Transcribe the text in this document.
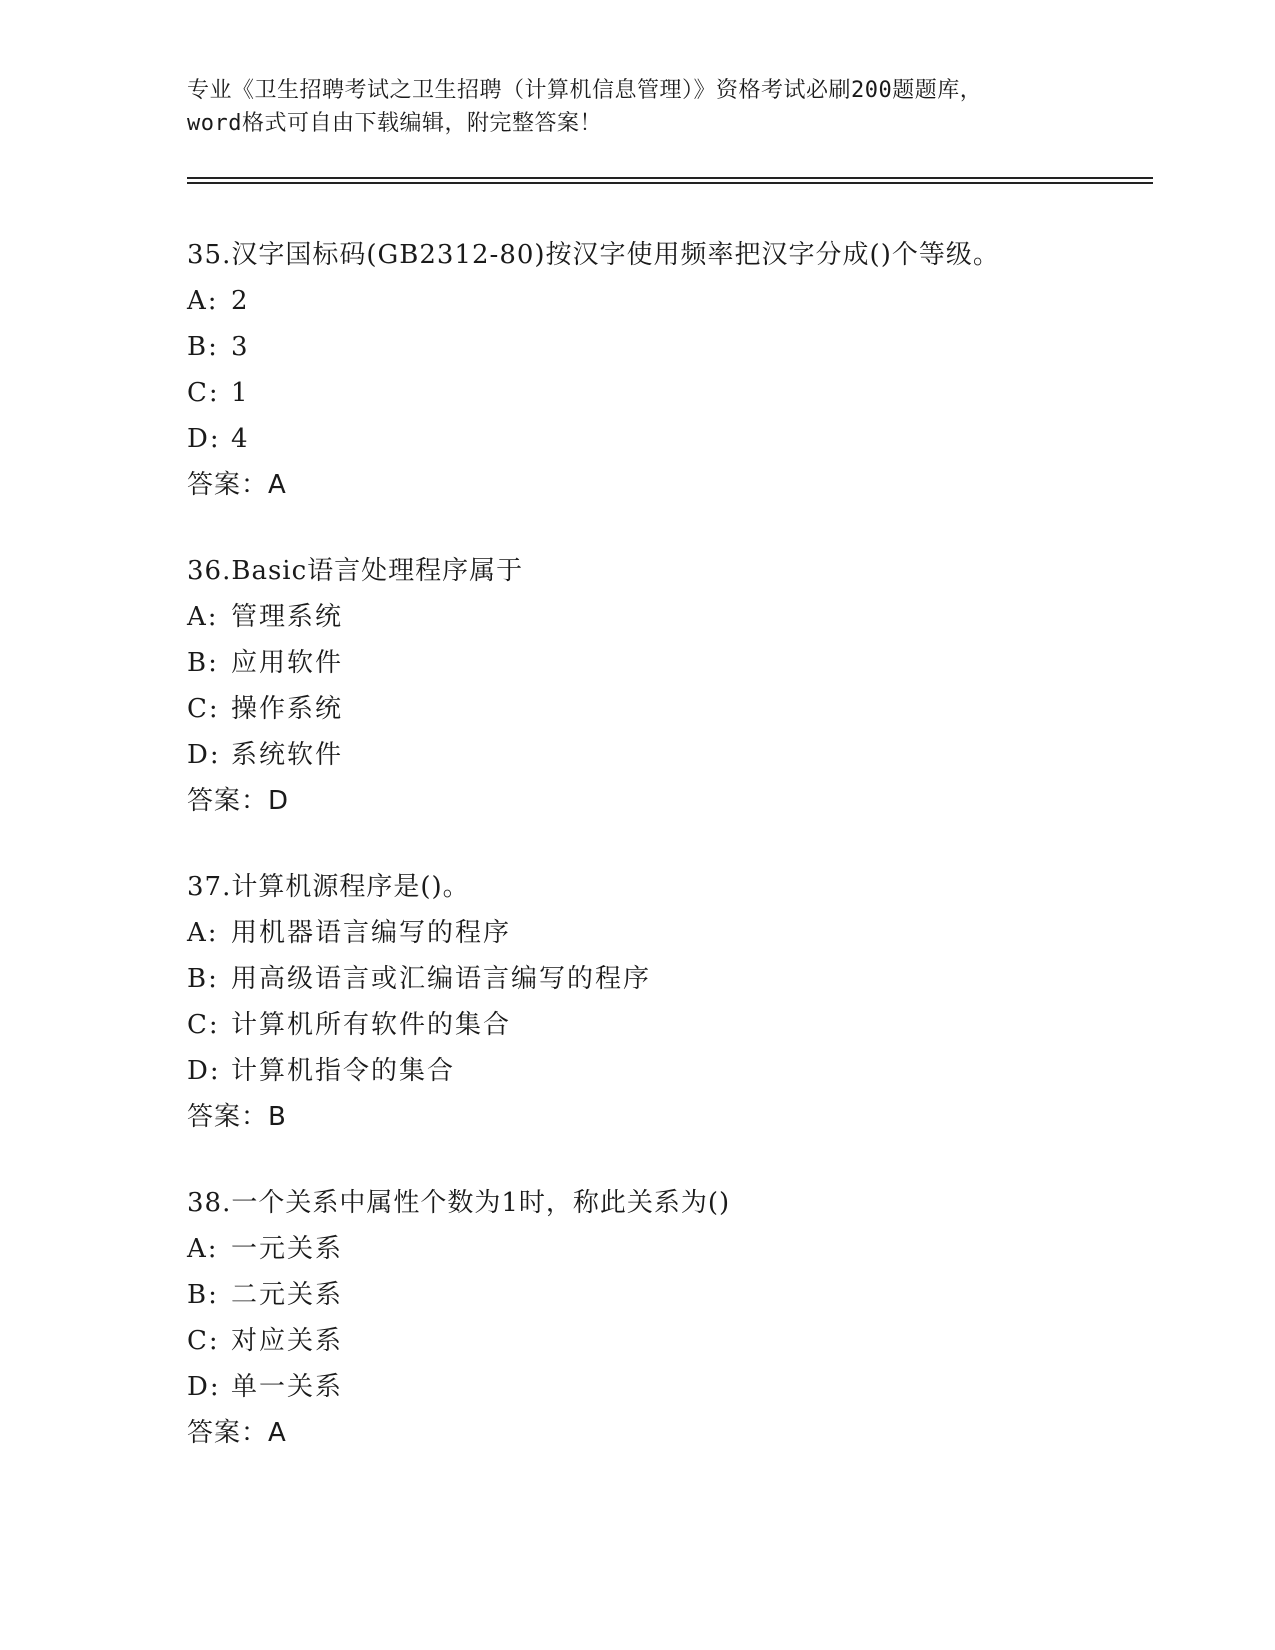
专业《卫生招聘考试之卫生招聘（计算机信息管理）》资格考试必刷200题题库，
word格式可自由下载编辑，附完整答案！
35.汉字国标码(GB2312-80)按汉字使用频率把汉字分成()个等级。
A: 2
B: 3
C: 1
D: 4
答案：A
36.Basic语言处理程序属于
A: 管理系统
B: 应用软件
C: 操作系统
D: 系统软件
答案：D
37.计算机源程序是()。
A: 用机器语言编写的程序
B: 用高级语言或汇编语言编写的程序
C: 计算机所有软件的集合
D: 计算机指令的集合
答案：B
38.一个关系中属性个数为1时，称此关系为()
A: 一元关系
B: 二元关系
C: 对应关系
D: 单一关系
答案：A
